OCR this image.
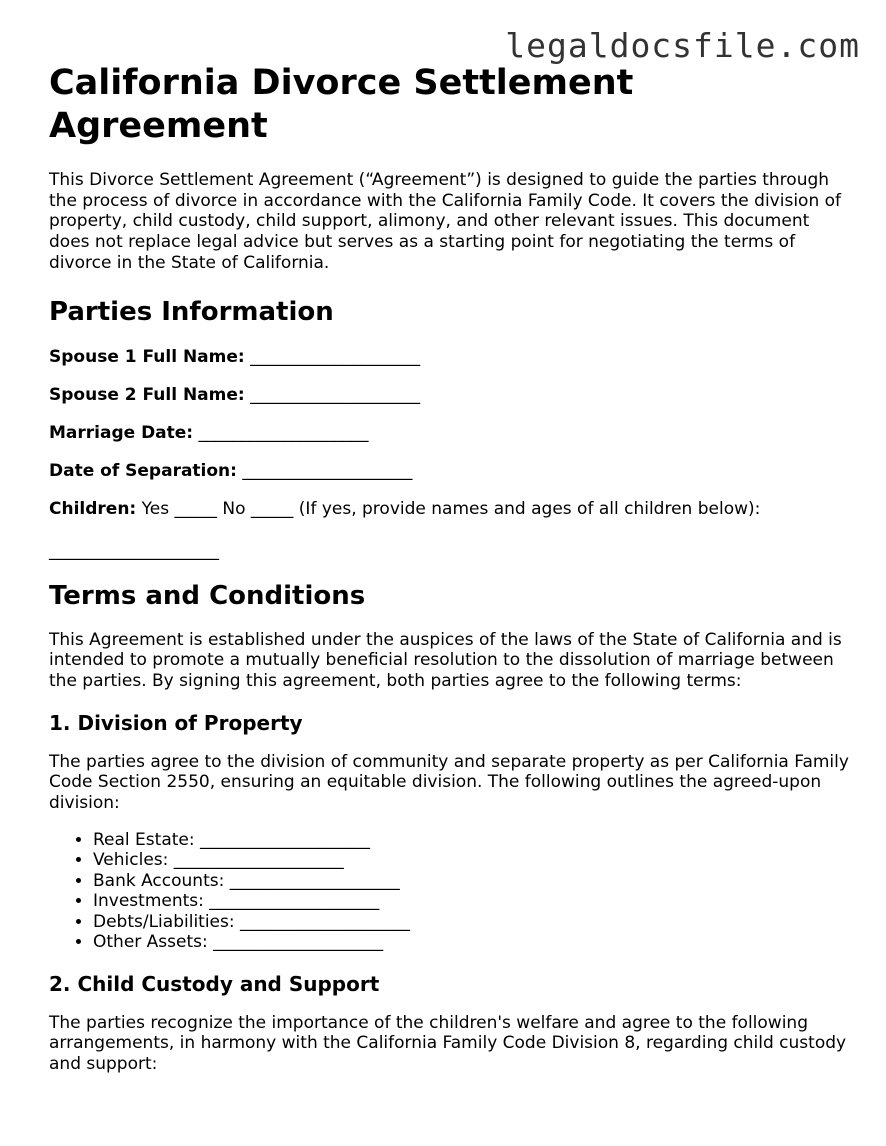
legaldocsfile.com
California Divorce Settlement Agreement

This Divorce Settlement Agreement (“Agreement”) is designed to guide the parties through the process of divorce in accordance with the California Family Code. It covers the division of property, child custody, child support, alimony, and other relevant issues. This document does not replace legal advice but serves as a starting point for negotiating the terms of divorce in the State of California.

Parties Information
Spouse 1 Full Name: ____________________
Spouse 2 Full Name: ____________________
Marriage Date: ____________________
Date of Separation: ____________________
Children: Yes _____ No _____ (If yes, provide names and ages of all children below):
____________________
Terms and Conditions

This Agreement is established under the auspices of the laws of the State of California and is intended to promote a mutually beneficial resolution to the dissolution of marriage between the parties. By signing this agreement, both parties agree to the following terms:

1. Division of Property

The parties agree to the division of community and separate property as per California Family Code Section 2550, ensuring an equitable division. The following outlines the agreed-upon division:

• Real Estate: ____________________
• Vehicles: ____________________
• Bank Accounts: ____________________
• Investments: ____________________
• Debts/Liabilities: ____________________
• Other Assets: ____________________
2. Child Custody and Support

The parties recognize the importance of the children's welfare and agree to the following arrangements, in harmony with the California Family Code Division 8, regarding child custody and support:
